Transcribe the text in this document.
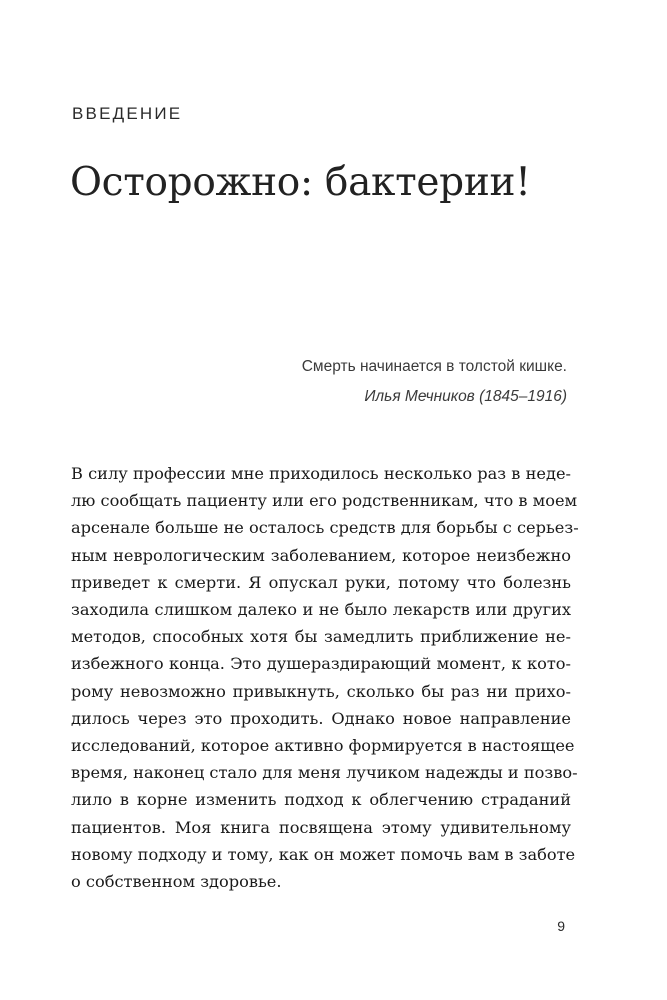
ВВЕДЕНИЕ
Осторожно: бактерии!
Смерть начинается в толстой кишке.
Илья Мечников (1845–1916)
В силу профессии мне приходилось несколько раз в неде-
лю сообщать пациенту или его родственникам, что в моем
арсенале больше не осталось средств для борьбы с серьез-
ным неврологическим заболеванием, которое неизбежно
приведет к смерти. Я опускал руки, потому что болезнь
заходила слишком далеко и не было лекарств или других
методов, способных хотя бы замедлить приближение не-
избежного конца. Это душераздирающий момент, к кото-
рому невозможно привыкнуть, сколько бы раз ни прихо-
дилось через это проходить. Однако новое направление
исследований, которое активно формируется в настоящее
время, наконец стало для меня лучиком надежды и позво-
лило в корне изменить подход к облегчению страданий
пациентов. Моя книга посвящена этому удивительному
новому подходу и тому, как он может помочь вам в заботе
о собственном здоровье.
9
